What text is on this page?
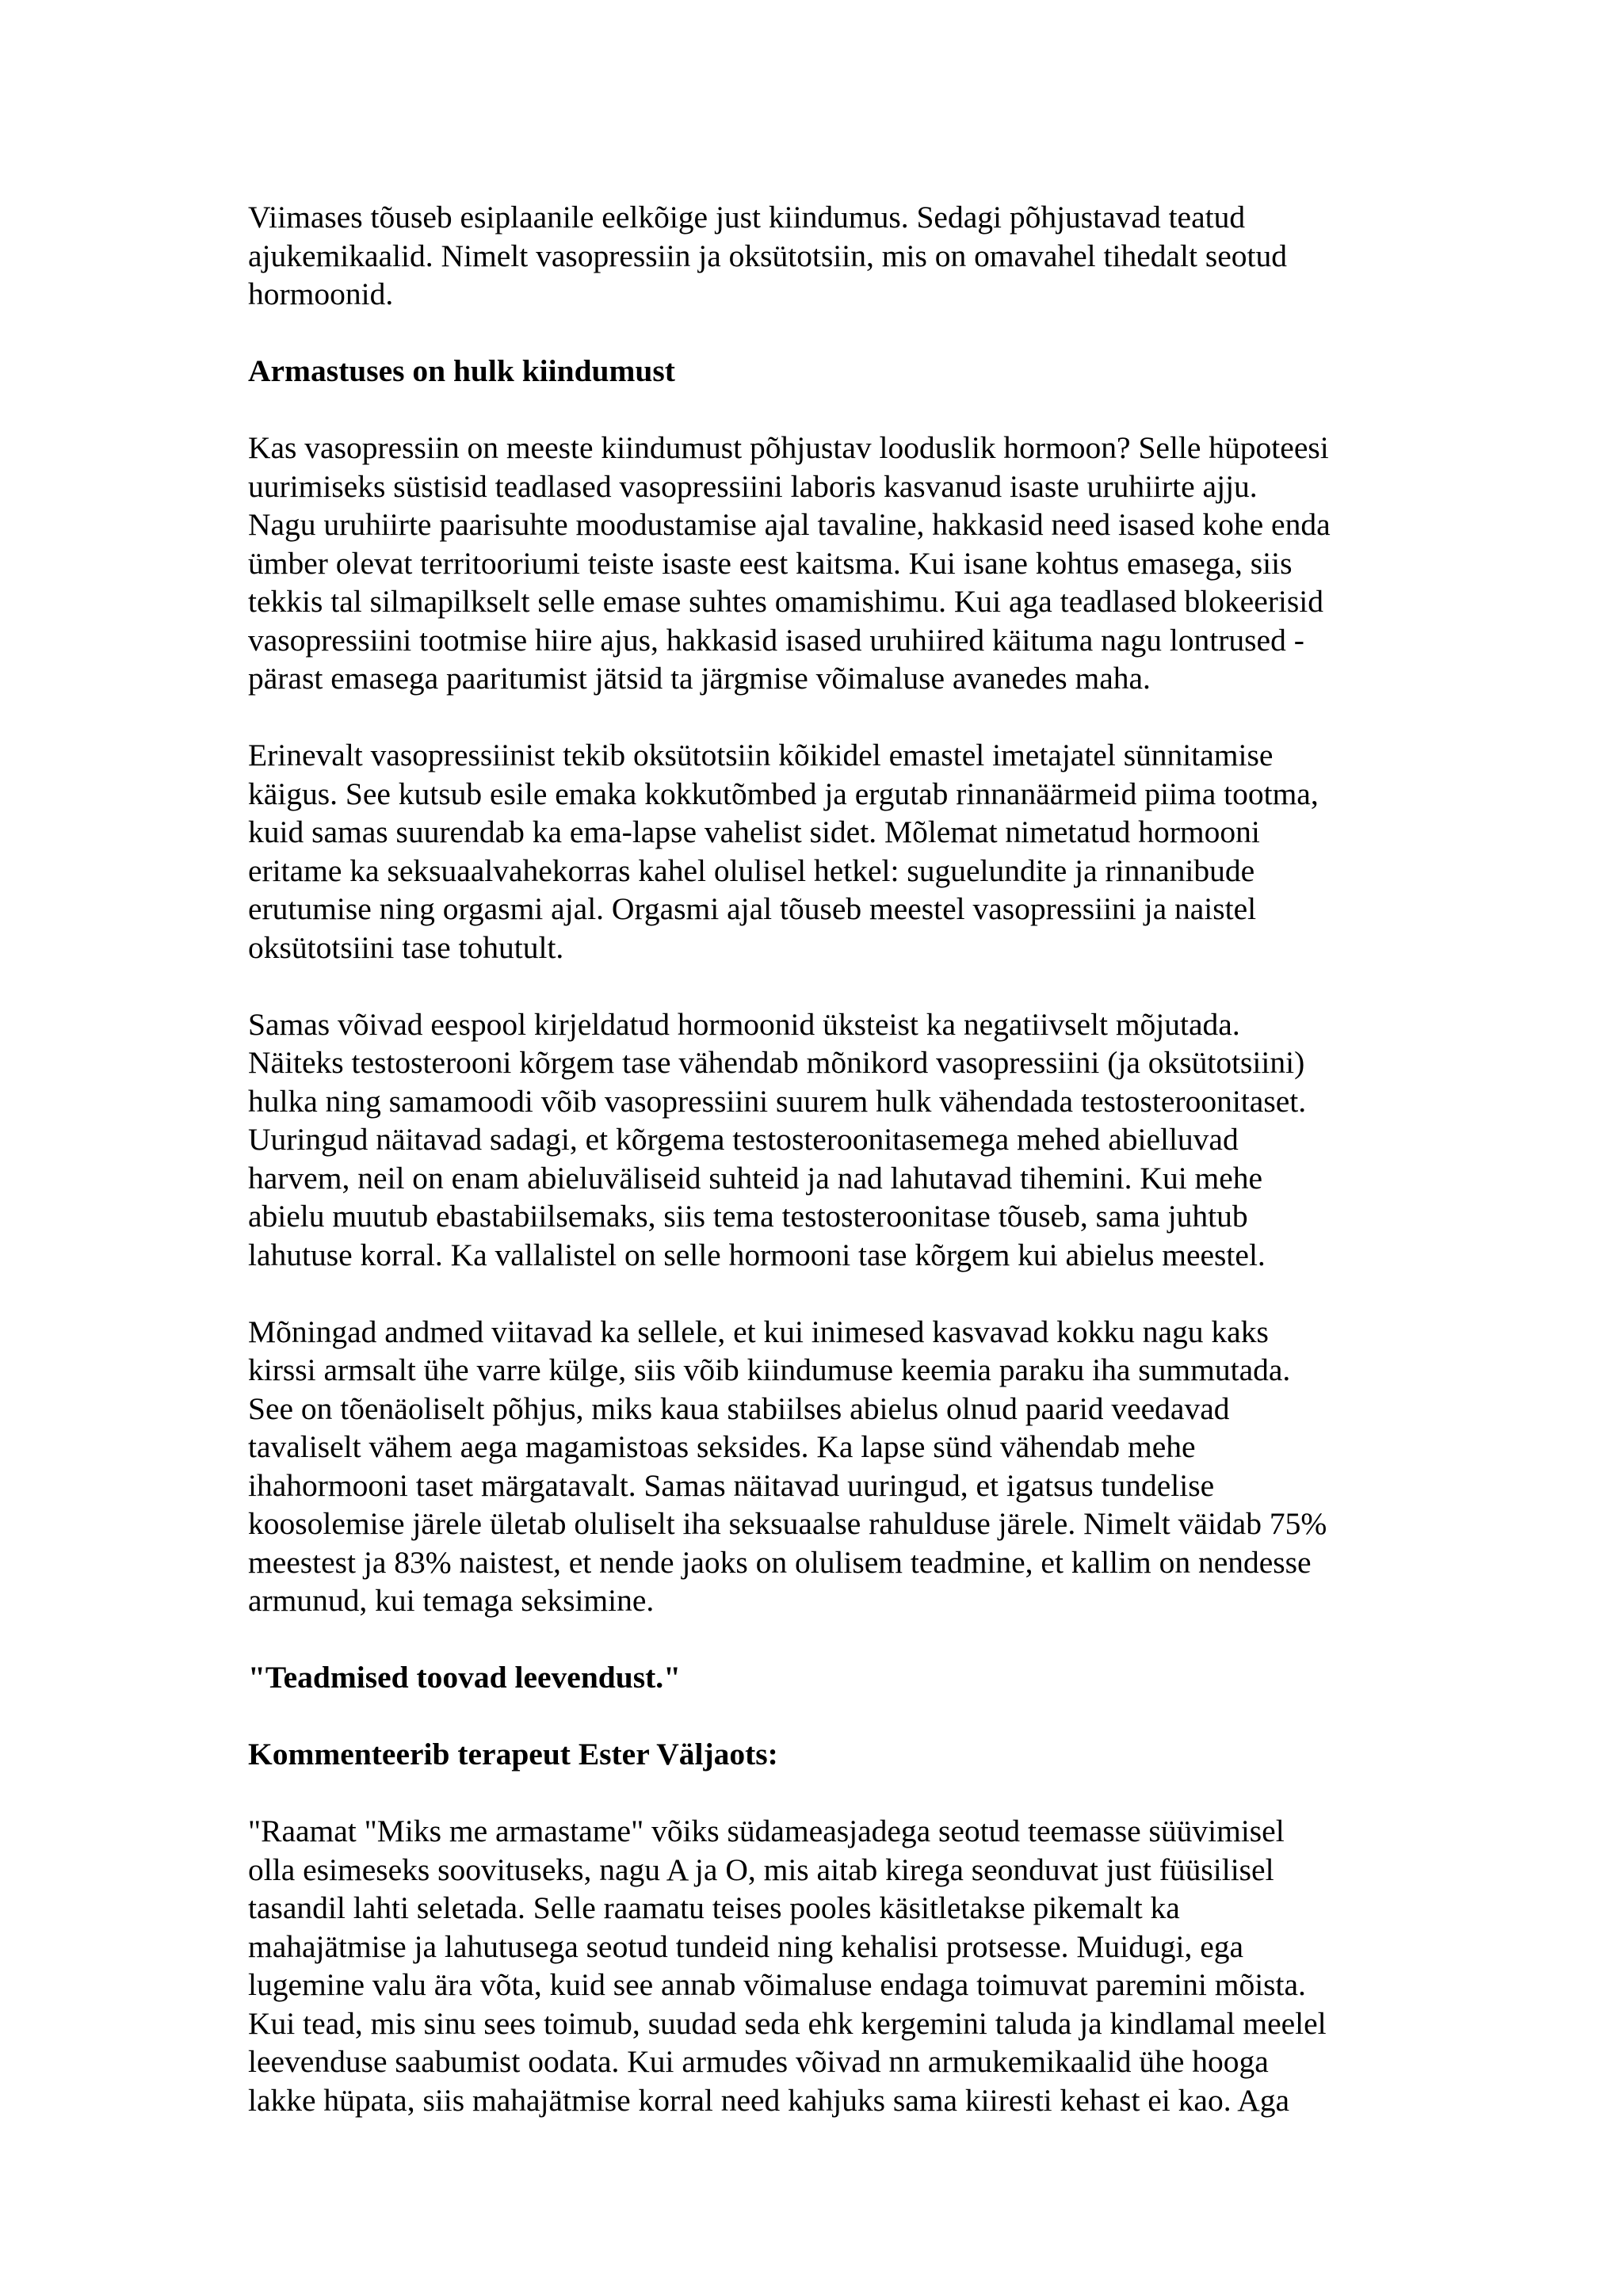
Viimases tõuseb esiplaanile eelkõige just kiindumus. Sedagi põhjustavad teatud
ajukemikaalid. Nimelt vasopressiin ja oksütotsiin, mis on omavahel tihedalt seotud
hormoonid.

Armastuses on hulk kiindumust

Kas vasopressiin on meeste kiindumust põhjustav looduslik hormoon? Selle hüpoteesi
uurimiseks süstisid teadlased vasopressiini laboris kasvanud isaste uruhiirte ajju.
Nagu uruhiirte paarisuhte moodustamise ajal tavaline, hakkasid need isased kohe enda
ümber olevat territooriumi teiste isaste eest kaitsma. Kui isane kohtus emasega, siis
tekkis tal silmapilkselt selle emase suhtes omamishimu. Kui aga teadlased blokeerisid
vasopressiini tootmise hiire ajus, hakkasid isased uruhiired käituma nagu lontrused -
pärast emasega paaritumist jätsid ta järgmise võimaluse avanedes maha.

Erinevalt vasopressiinist tekib oksütotsiin kõikidel emastel imetajatel sünnitamise
käigus. See kutsub esile emaka kokkutõmbed ja ergutab rinnanäärmeid piima tootma,
kuid samas suurendab ka ema-lapse vahelist sidet. Mõlemat nimetatud hormooni
eritame ka seksuaalvahekorras kahel olulisel hetkel: suguelundite ja rinnanibude
erutumise ning orgasmi ajal. Orgasmi ajal tõuseb meestel vasopressiini ja naistel
oksütotsiini tase tohutult.

Samas võivad eespool kirjeldatud hormoonid üksteist ka negatiivselt mõjutada.
Näiteks testosterooni kõrgem tase vähendab mõnikord vasopressiini (ja oksütotsiini)
hulka ning samamoodi võib vasopressiini suurem hulk vähendada testosteroonitaset.
Uuringud näitavad sadagi, et kõrgema testosteroonitasemega mehed abielluvad
harvem, neil on enam abieluväliseid suhteid ja nad lahutavad tihemini. Kui mehe
abielu muutub ebastabiilsemaks, siis tema testosteroonitase tõuseb, sama juhtub
lahutuse korral. Ka vallalistel on selle hormooni tase kõrgem kui abielus meestel.

Mõningad andmed viitavad ka sellele, et kui inimesed kasvavad kokku nagu kaks
kirssi armsalt ühe varre külge, siis võib kiindumuse keemia paraku iha summutada.
See on tõenäoliselt põhjus, miks kaua stabiilses abielus olnud paarid veedavad
tavaliselt vähem aega magamistoas seksides. Ka lapse sünd vähendab mehe
ihahormooni taset märgatavalt. Samas näitavad uuringud, et igatsus tundelise
koosolemise järele ületab oluliselt iha seksuaalse rahulduse järele. Nimelt väidab 75%
meestest ja 83% naistest, et nende jaoks on olulisem teadmine, et kallim on nendesse
armunud, kui temaga seksimine.

"Teadmised toovad leevendust."
Kommenteerib terapeut Ester Väljaots:

"Raamat "Miks me armastame" võiks südameasjadega seotud teemasse süüvimisel
olla esimeseks soovituseks, nagu A ja O, mis aitab kirega seonduvat just füüsilisel
tasandil lahti seletada. Selle raamatu teises pooles käsitletakse pikemalt ka
mahajätmise ja lahutusega seotud tundeid ning kehalisi protsesse. Muidugi, ega
lugemine valu ära võta, kuid see annab võimaluse endaga toimuvat paremini mõista.
Kui tead, mis sinu sees toimub, suudad seda ehk kergemini taluda ja kindlamal meelel
leevenduse saabumist oodata. Kui armudes võivad nn armukemikaalid ühe hooga
lakke hüpata, siis mahajätmise korral need kahjuks sama kiiresti kehast ei kao. Aga
